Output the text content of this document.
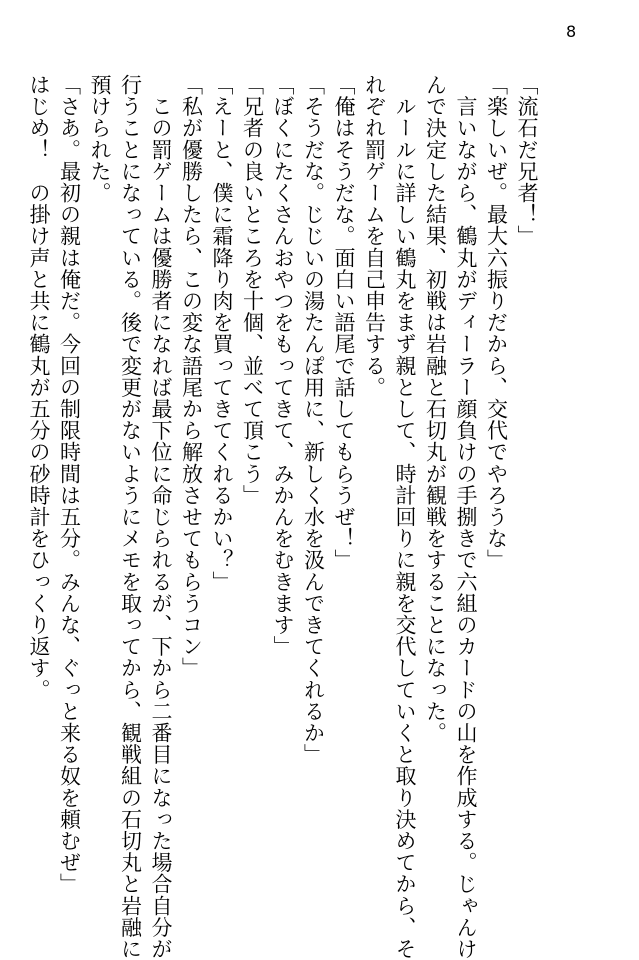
8
「流石だ兄者！」
「楽しいぜ。最大六振りだから、交代でやろうな」
　言いながら、鶴丸がディーラー顔負けの手捌きで六組のカードの山を作成する。じゃんけ
んで決定した結果、初戦は岩融と石切丸が観戦をすることになった。
　ルールに詳しい鶴丸をまず親として、時計回りに親を交代していくと取り決めてから、そ
れぞれ罰ゲームを自己申告する。
「俺はそうだな。面白い語尾で話してもらうぜ！」
「そうだな。じじいの湯たんぽ用に、新しく水を汲んできてくれるか」
「ぼくにたくさんおやつをもってきて、みかんをむきます」
「兄者の良いところを十個、並べて頂こう」
「えーと、僕に霜降り肉を買ってきてくれるかい？」
「私が優勝したら、この変な語尾から解放させてもらうコン」
　この罰ゲームは優勝者になれば最下位に命じられるが、下から二番目になった場合自分が
行うことになっている。後で変更がないようにメモを取ってから、観戦組の石切丸と岩融に
預けられた。
「さあ。最初の親は俺だ。今回の制限時間は五分。みんな、ぐっと来る奴を頼むぜ」
はじめ！　の掛け声と共に鶴丸が五分の砂時計をひっくり返す。
